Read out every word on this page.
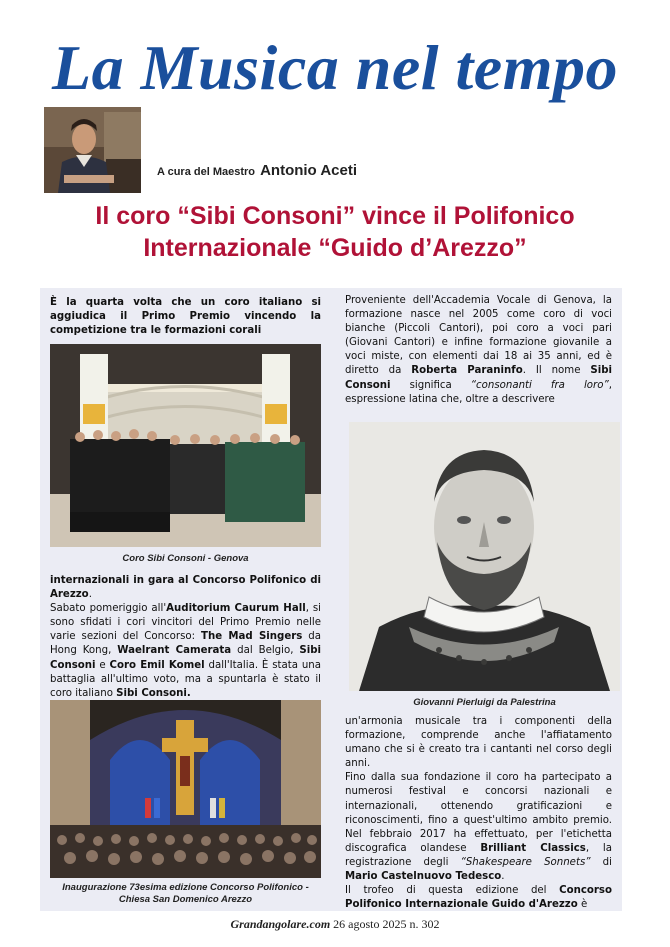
La Musica nel tempo
A cura del Maestro Antonio Aceti
Il coro “Sibi Consoni” vince il Polifonico
Internazionale “Guido d’Arezzo”
È la quarta volta che un coro italiano si aggiudica il Primo Premio vincendo la competizione tra le formazioni corali
Coro Sibi Consoni - Genova
internazionali in gara al Concorso Polifonico di Arezzo.
Sabato pomeriggio all'Auditorium Caurum Hall, si sono sfidati i cori vincitori del Primo Premio nelle varie sezioni del Concorso: The Mad Singers da Hong Kong, Waelrant Camerata dal Belgio, Sibi Consoni e Coro Emil Komel dall'Italia. È stata una battaglia all'ultimo voto, ma a spuntarla è stato il coro italiano Sibi Consoni.
Inaugurazione 73esima edizione Concorso Polifonico - Chiesa San Domenico Arezzo
Proveniente dell'Accademia Vocale di Genova, la formazione nasce nel 2005 come coro di voci bianche (Piccoli Cantori), poi coro a voci pari (Giovani Cantori) e infine formazione giovanile a voci miste, con elementi dai 18 ai 35 anni, ed è diretto da Roberta Paraninfo. Il nome Sibi Consoni significa “consonanti fra loro”, espressione latina che, oltre a descrivere
Giovanni Pierluigi da Palestrina
un'armonia musicale tra i componenti della formazione, comprende anche l'affiatamento umano che si è creato tra i cantanti nel corso degli anni.
Fino dalla sua fondazione il coro ha partecipato a numerosi festival e concorsi nazionali e internazionali, ottenendo gratificazioni e riconoscimenti, fino a quest'ultimo ambito premio. Nel febbraio 2017 ha effettuato, per l'etichetta discografica olandese Brilliant Classics, la registrazione degli “Shakespeare Sonnets” di Mario Castelnuovo Tedesco.
Il trofeo di questa edizione del Concorso Polifonico Internazionale Guido d'Arezzo è
Grandangolare.com 26 agosto 2025 n. 302
